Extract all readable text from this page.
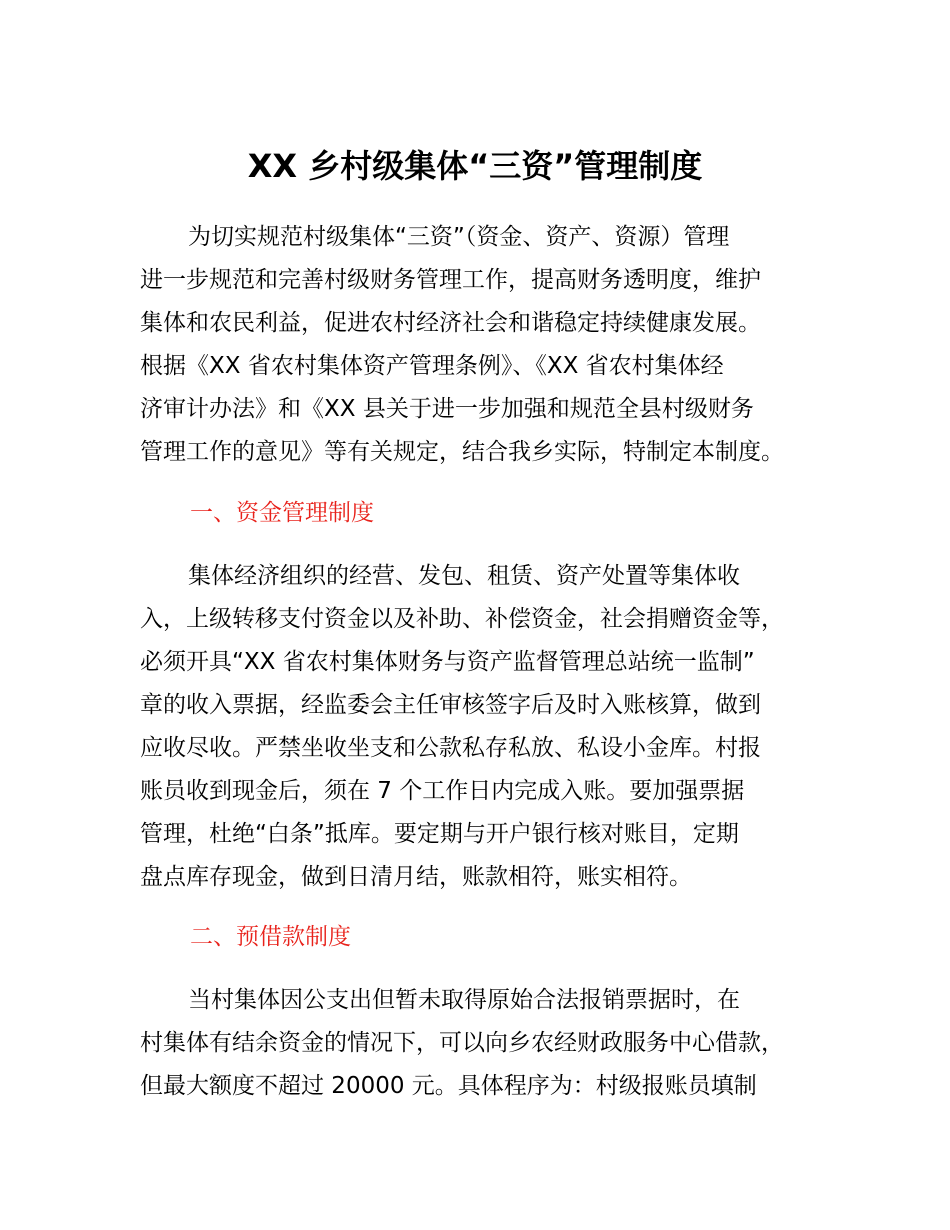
XX 乡村级集体“三资”管理制度
为切实规范村级集体“三资”（资金、资产、资源）管理
进一步规范和完善村级财务管理工作，提高财务透明度，维护
集体和农民利益，促进农村经济社会和谐稳定持续健康发展。
根据《XX 省农村集体资产管理条例》、《XX 省农村集体经
济审计办法》和《XX 县关于进一步加强和规范全县村级财务
管理工作的意见》等有关规定，结合我乡实际，特制定本制度。
一、资金管理制度
集体经济组织的经营、发包、租赁、资产处置等集体收
入，上级转移支付资金以及补助、补偿资金，社会捐赠资金等，
必须开具“XX 省农村集体财务与资产监督管理总站统一监制”
章的收入票据，经监委会主任审核签字后及时入账核算，做到
应收尽收。严禁坐收坐支和公款私存私放、私设小金库。村报
账员收到现金后，须在 7 个工作日内完成入账。要加强票据
管理，杜绝“白条”抵库。要定期与开户银行核对账目，定期
盘点库存现金，做到日清月结，账款相符，账实相符。
二、预借款制度
当村集体因公支出但暂未取得原始合法报销票据时，在
村集体有结余资金的情况下，可以向乡农经财政服务中心借款，
但最大额度不超过 20000 元。具体程序为：村级报账员填制
